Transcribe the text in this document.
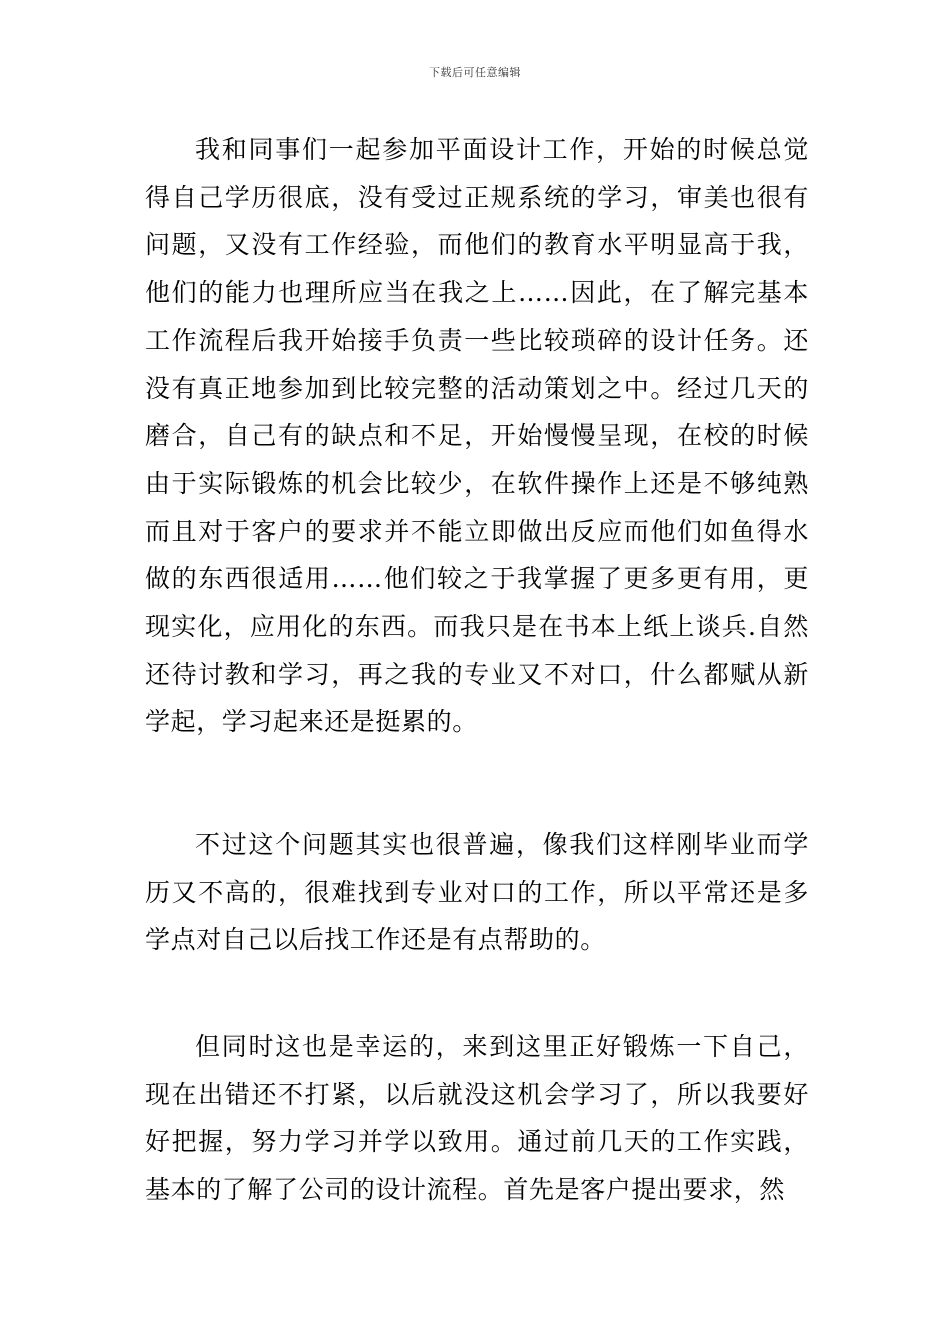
下载后可任意编辑

我和同事们一起参加平面设计工作，开始的时候总觉得自己学历很底，没有受过正规系统的学习，审美也很有问题，又没有工作经验，而他们的教育水平明显高于我，他们的能力也理所应当在我之上……因此，在了解完基本工作流程后我开始接手负责一些比较琐碎的设计任务。还没有真正地参加到比较完整的活动策划之中。经过几天的磨合，自己有的缺点和不足，开始慢慢呈现，在校的时候由于实际锻炼的机会比较少，在软件操作上还是不够纯熟而且对于客户的要求并不能立即做出反应而他们如鱼得水做的东西很适用……他们较之于我掌握了更多更有用，更现实化，应用化的东西。而我只是在书本上纸上谈兵.自然还待讨教和学习，再之我的专业又不对口，什么都赋从新学起，学习起来还是挺累的。

不过这个问题其实也很普遍，像我们这样刚毕业而学历又不高的，很难找到专业对口的工作，所以平常还是多学点对自己以后找工作还是有点帮助的。

但同时这也是幸运的，来到这里正好锻炼一下自己，现在出错还不打紧，以后就没这机会学习了，所以我要好好把握，努力学习并学以致用。通过前几天的工作实践，基本的了解了公司的设计流程。首先是客户提出要求，然
